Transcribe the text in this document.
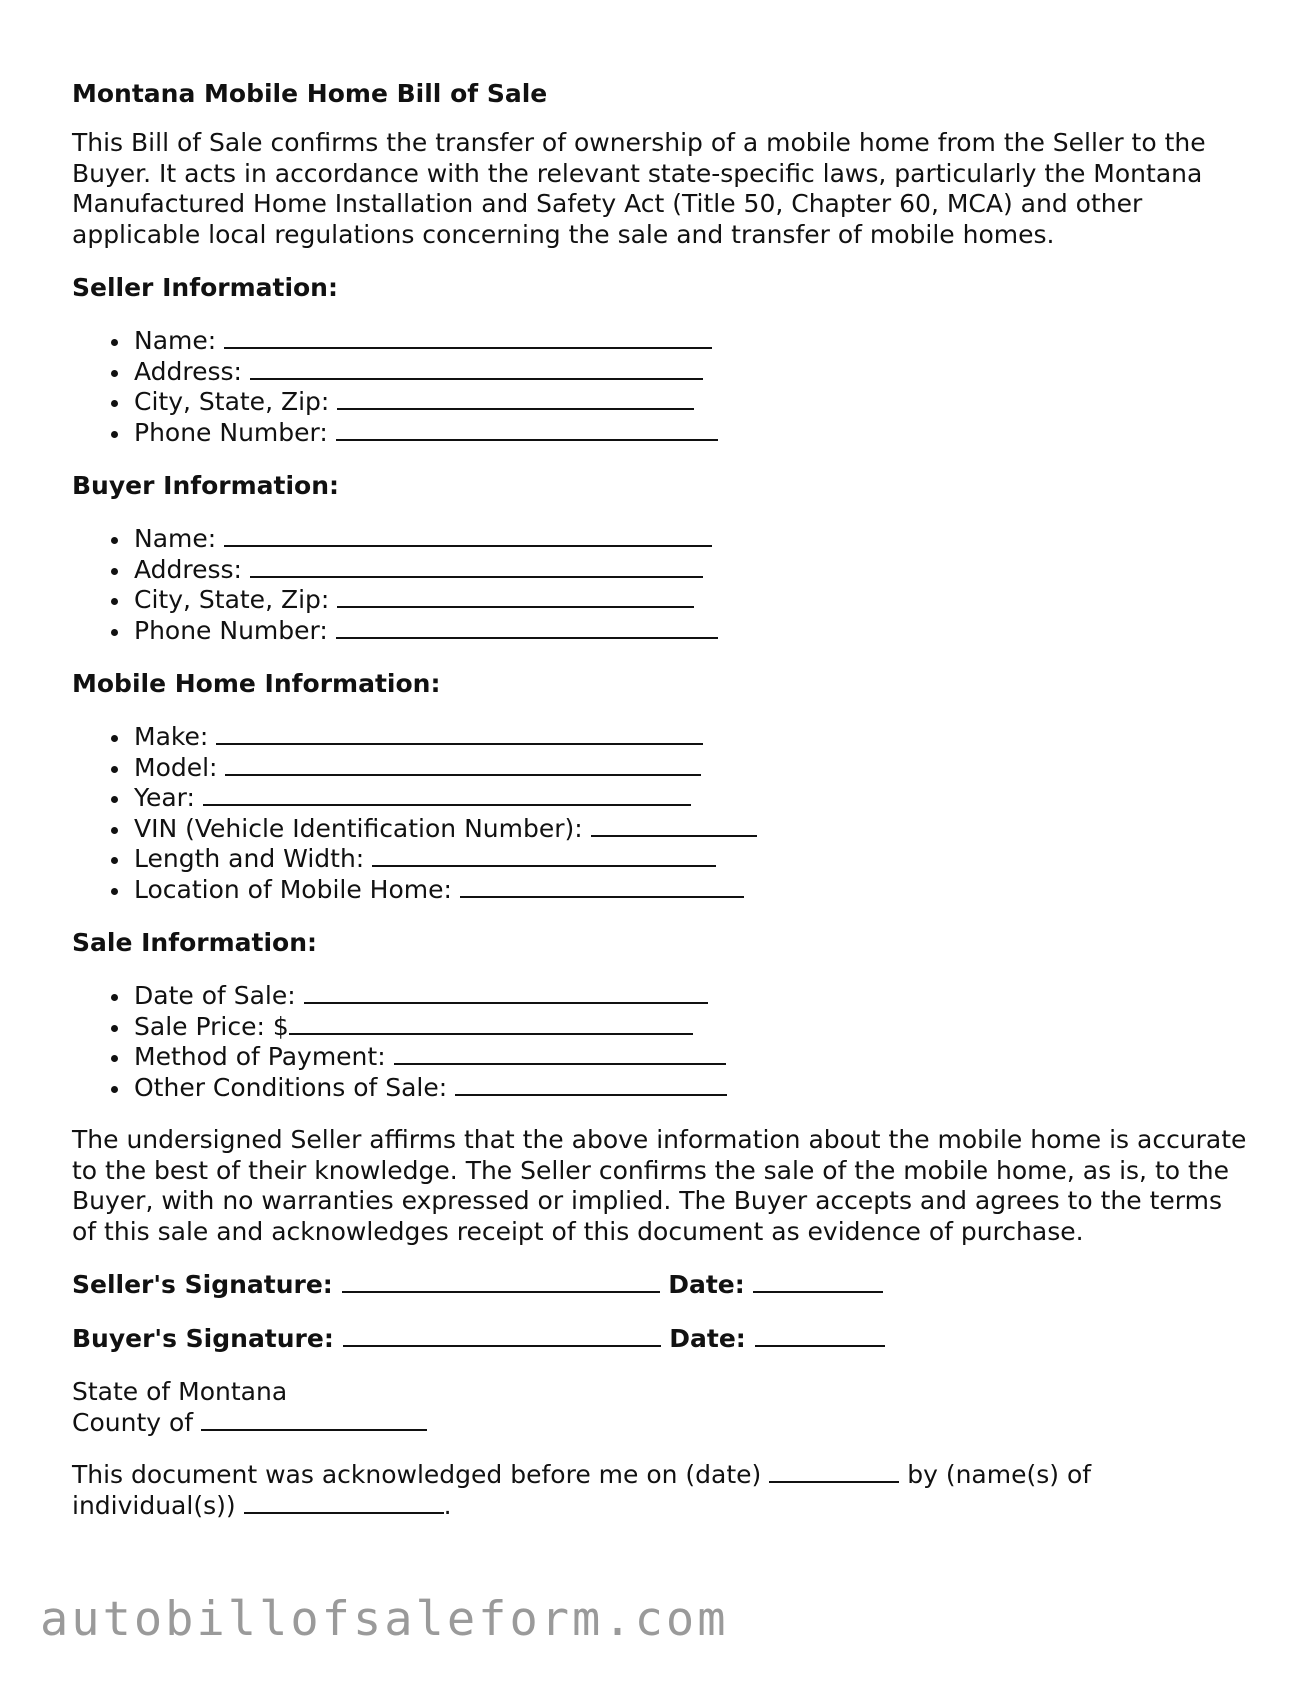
Montana Mobile Home Bill of Sale

This Bill of Sale confirms the transfer of ownership of a mobile home from the Seller to the Buyer. It acts in accordance with the relevant state-specific laws, particularly the Montana Manufactured Home Installation and Safety Act (Title 50, Chapter 60, MCA) and other applicable local regulations concerning the sale and transfer of mobile homes.

Seller Information:
Name:
Address:
City, State, Zip:
Phone Number:
Buyer Information:
Name:
Address:
City, State, Zip:
Phone Number:
Mobile Home Information:
Make:
Model:
Year:
VIN (Vehicle Identification Number):
Length and Width:
Location of Mobile Home:
Sale Information:
Date of Sale:
Sale Price: $
Method of Payment:
Other Conditions of Sale:

The undersigned Seller affirms that the above information about the mobile home is accurate to the best of their knowledge. The Seller confirms the sale of the mobile home, as is, to the Buyer, with no warranties expressed or implied. The Buyer accepts and agrees to the terms of this sale and acknowledges receipt of this document as evidence of purchase.

Seller's Signature:	Date:
Buyer's Signature:	Date:

State of Montana

County of

This document was acknowledged before me on (date)	by (name(s) of individual(s))	.

autobillofsaleform.com
